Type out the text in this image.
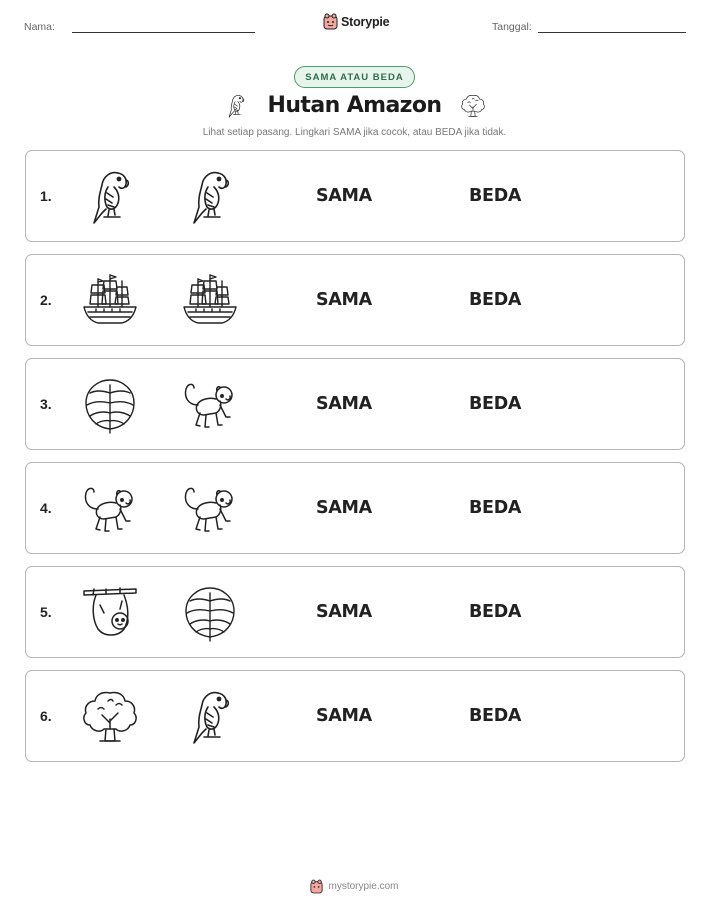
Nama:	Storypie	Tanggal:
SAMA ATAU BEDA
Hutan Amazon
Lihat setiap pasang. Lingkari SAMA jika cocok, atau BEDA jika tidak.
1.	SAMA	BEDA
2.	SAMA	BEDA
3.	SAMA	BEDA
4.	SAMA	BEDA
5.	SAMA	BEDA
6.	SAMA	BEDA
mystorypie.com
